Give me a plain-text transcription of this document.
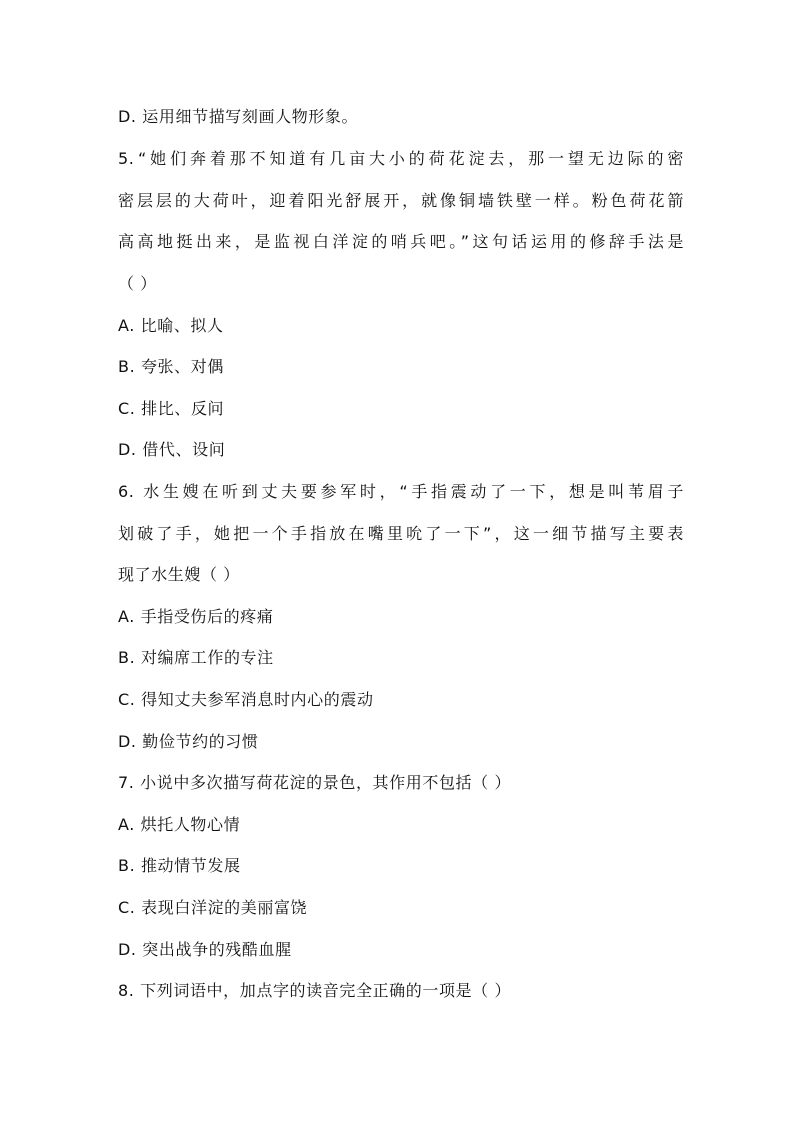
D. 运用细节描写刻画人物形象。
5. “她们奔着那不知道有几亩大小的荷花淀去，那一望无边际的密
密层层的大荷叶，迎着阳光舒展开，就像铜墙铁壁一样。粉色荷花箭
高高地挺出来，是监视白洋淀的哨兵吧。”这句话运用的修辞手法是
（ ）
A. 比喻、拟人
B. 夸张、对偶
C. 排比、反问
D. 借代、设问
6. 水生嫂在听到丈夫要参军时，“手指震动了一下，想是叫苇眉子
划破了手，她把一个手指放在嘴里吮了一下”，这一细节描写主要表
现了水生嫂（ ）
A. 手指受伤后的疼痛
B. 对编席工作的专注
C. 得知丈夫参军消息时内心的震动
D. 勤俭节约的习惯
7. 小说中多次描写荷花淀的景色，其作用不包括（ ）
A. 烘托人物心情
B. 推动情节发展
C. 表现白洋淀的美丽富饶
D. 突出战争的残酷血腥
8. 下列词语中，加点字的读音完全正确的一项是（ ）
